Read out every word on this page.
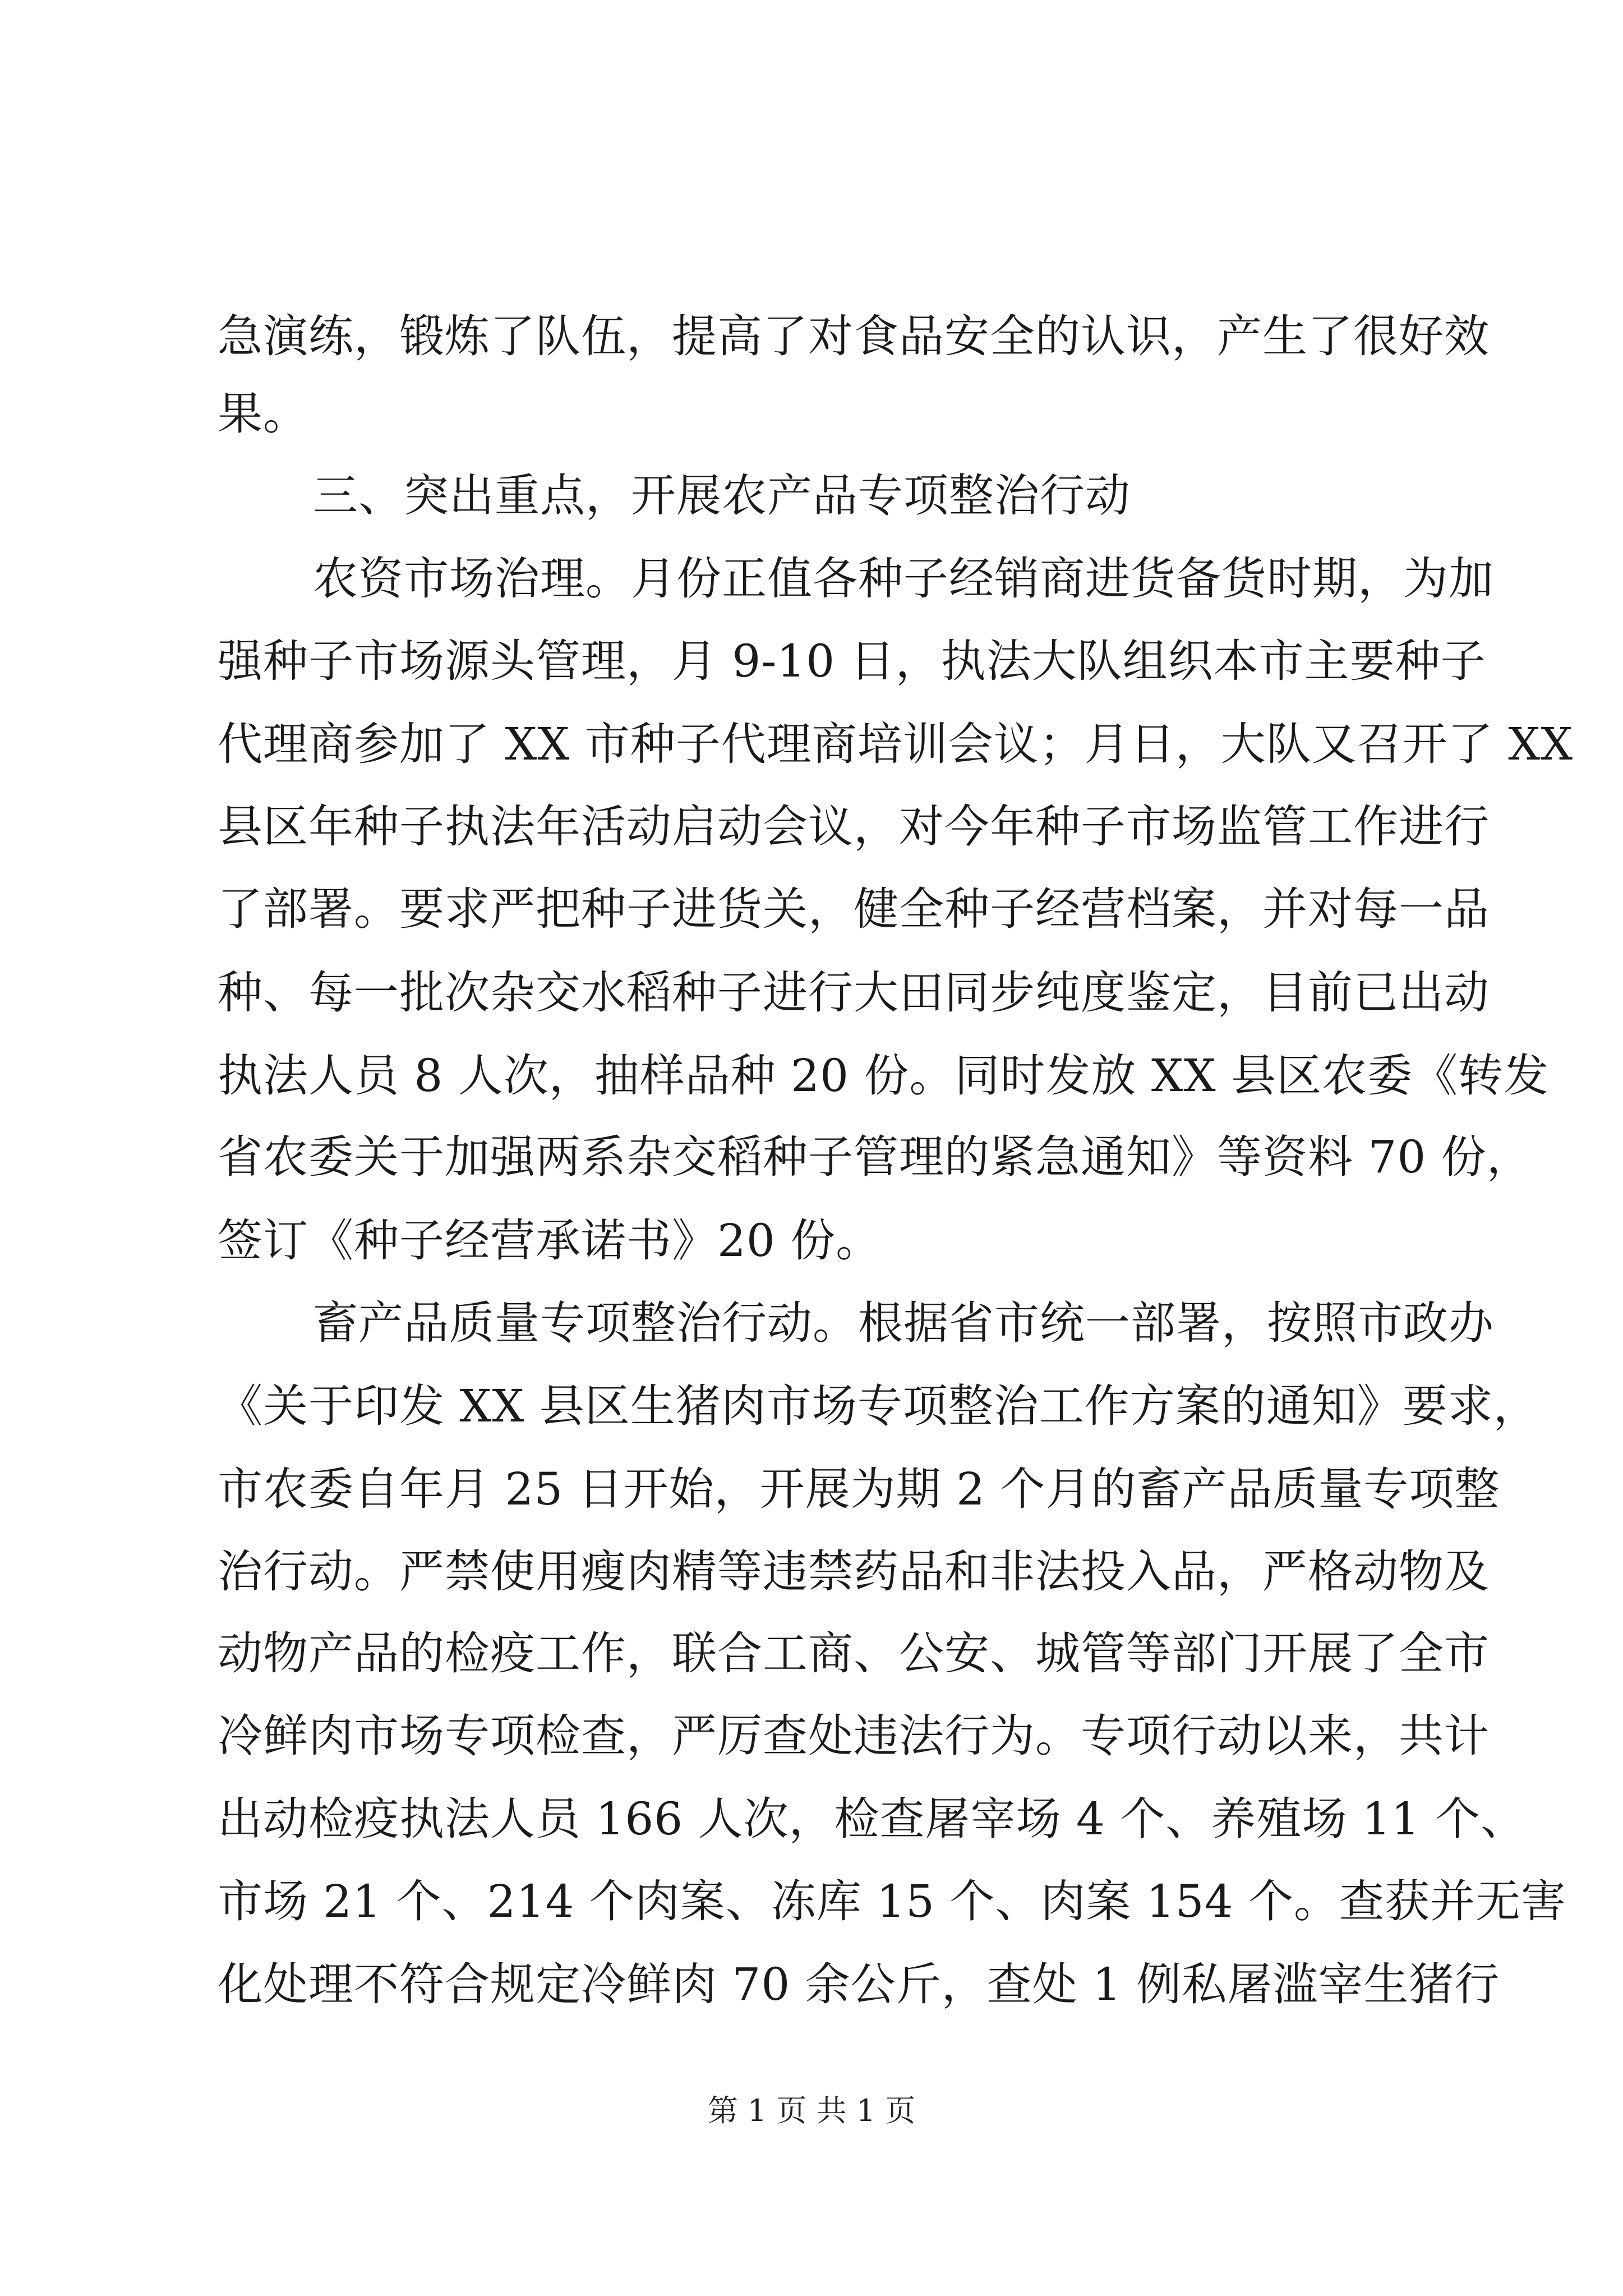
急演练，锻炼了队伍，提高了对食品安全的认识，产生了很好效
果。
三、突出重点，开展农产品专项整治行动
农资市场治理。月份正值各种子经销商进货备货时期，为加
强种子市场源头管理，月 9-10 日，执法大队组织本市主要种子
代理商参加了 XX 市种子代理商培训会议；月日，大队又召开了 XX
县区年种子执法年活动启动会议，对今年种子市场监管工作进行
了部署。要求严把种子进货关，健全种子经营档案，并对每一品
种、每一批次杂交水稻种子进行大田同步纯度鉴定，目前已出动
执法人员 8 人次，抽样品种 20 份。同时发放 XX 县区农委《转发
省农委关于加强两系杂交稻种子管理的紧急通知》等资料 70 份，
签订《种子经营承诺书》20 份。
畜产品质量专项整治行动。根据省市统一部署，按照市政办
《关于印发 XX 县区生猪肉市场专项整治工作方案的通知》要求，
市农委自年月 25 日开始，开展为期 2 个月的畜产品质量专项整
治行动。严禁使用瘦肉精等违禁药品和非法投入品，严格动物及
动物产品的检疫工作，联合工商、公安、城管等部门开展了全市
冷鲜肉市场专项检查，严厉查处违法行为。专项行动以来，共计
出动检疫执法人员 166 人次，检查屠宰场 4 个、养殖场 11 个、
市场 21 个、214 个肉案、冻库 15 个、肉案 154 个。查获并无害
化处理不符合规定冷鲜肉 70 余公斤，查处 1 例私屠滥宰生猪行
第 1 页 共 1 页
